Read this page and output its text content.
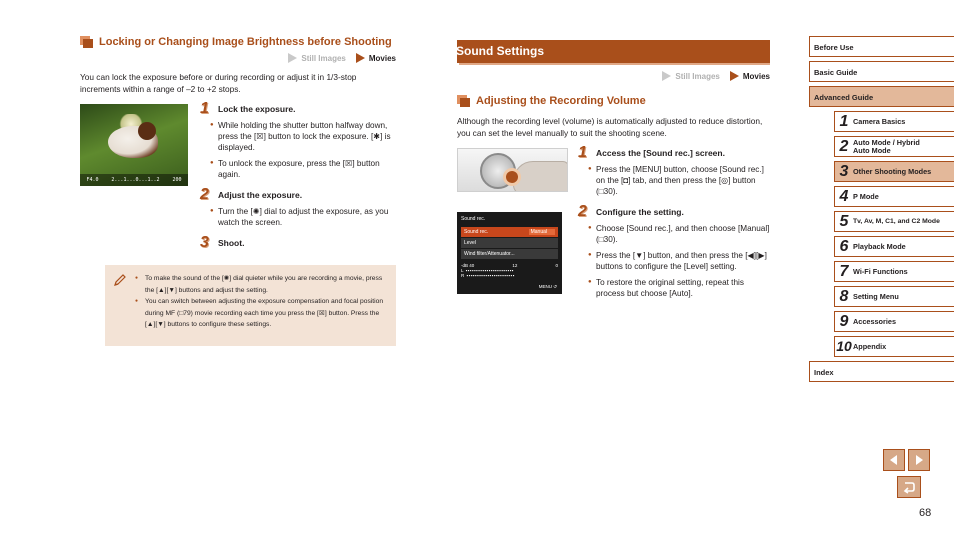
Locking or Changing Image Brightness before Shooting
Still Images	Movies

You can lock the exposure before or during recording or adjust it in 1/3-stop increments within a range of –2 to +2 stops.

F4.0	2...1...0...1..2	200
1	Lock the exposure.
● While holding the shutter button halfway down, press the [☒] button to lock the exposure. [✱] is displayed.
● To unlock the exposure, press the [☒] button again.
2	Adjust the exposure.
● Turn the [✺] dial to adjust the exposure, as you watch the screen.
3	Shoot.
● To make the sound of the [✺] dial quieter while you are recording a movie, press the [▲][▼] buttons and adjust the setting.
● You can switch between adjusting the exposure compensation and focal position during MF (□79) movie recording each time you press the [☒] button. Press the [▲][▼] buttons to configure these settings.
Sound Settings
Still Images	Movies
Adjusting the Recording Volume

Although the recording level (volume) is automatically adjusted to reduce distortion, you can set the level manually to suit the shooting scene.

Sound rec.
Sound rec.	Manual
Level
Wind filter/Attenuator...
-dB 40	12	0
L ▪▪▪▪▪▪▪▪▪▪▪▪▪▪▪▪▪▪▪▪▪▪▪
R ▪▪▪▪▪▪▪▪▪▪▪▪▪▪▪▪▪▪▪▪▪▪▪
MENU ↺
1	Access the [Sound rec.] screen.
● Press the [MENU] button, choose [Sound rec.] on the [◘] tab, and then press the [◎] button (□30).
2	Configure the setting.
● Choose [Sound rec.], and then choose [Manual] (□30).
● Press the [▼] button, and then press the [◀][▶] buttons to configure the [Level] setting.
● To restore the original setting, repeat this process but choose [Auto].
Before Use
Basic Guide
Advanced Guide
1 Camera Basics
2 Auto Mode / Hybrid Auto Mode
3 Other Shooting Modes
4 P Mode
5 Tv, Av, M, C1, and C2 Mode
6 Playback Mode
7 Wi-Fi Functions
8 Setting Menu
9 Accessories
10 Appendix
Index
68
